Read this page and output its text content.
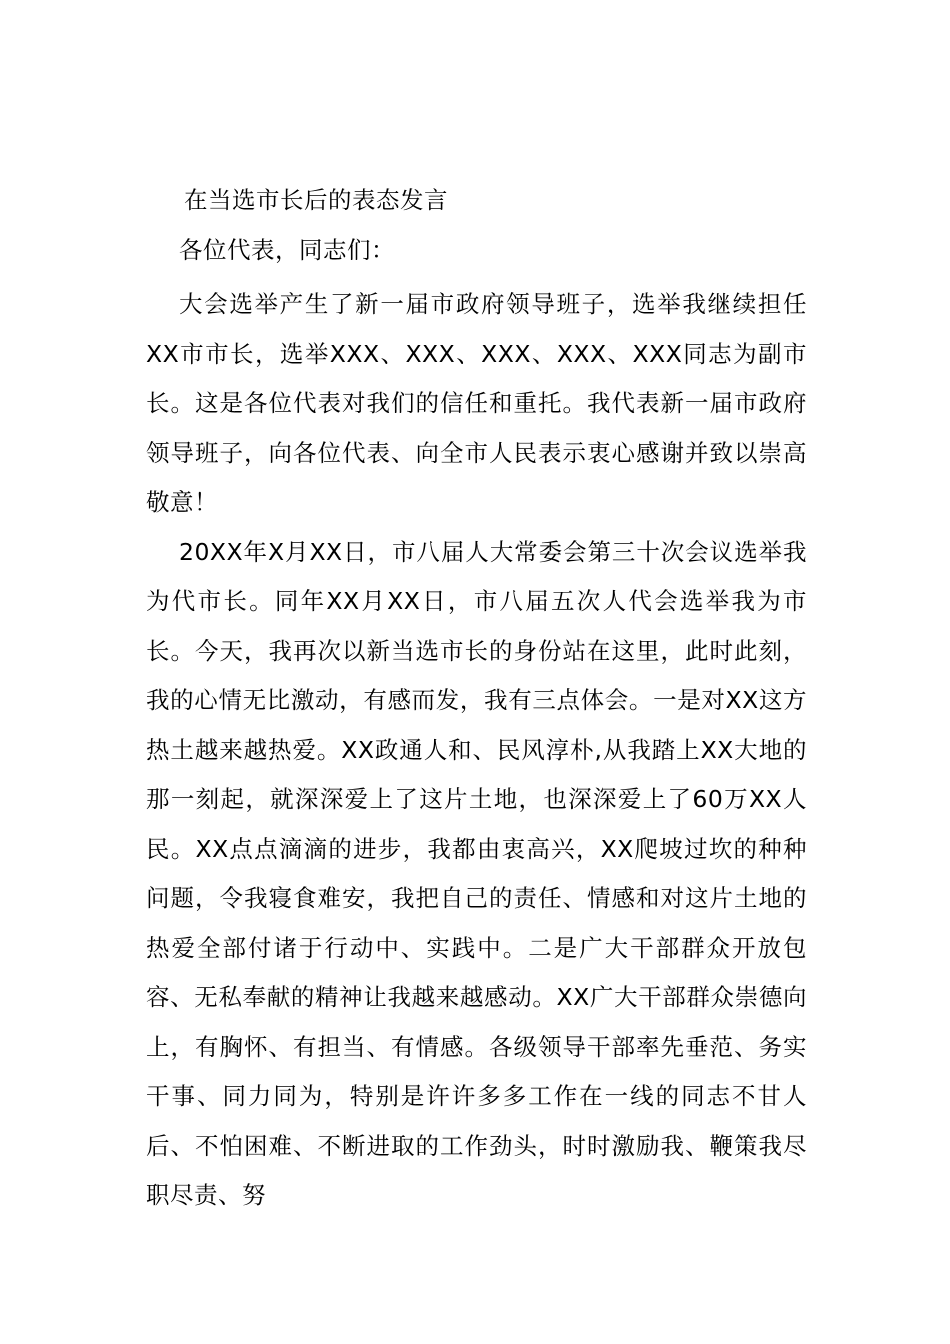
在当选市长后的表态发言

各位代表，同志们：

大会选举产生了新一届市政府领导班子，选举我继续担任XX市市长，选举XXX、XXX、XXX、XXX、XXX同志为副市长。这是各位代表对我们的信任和重托。我代表新一届市政府领导班子，向各位代表、向全市人民表示衷心感谢并致以崇高敬意！

20XX年X月XX日，市八届人大常委会第三十次会议选举我为代市长。同年XX月XX日，市八届五次人代会选举我为市长。今天，我再次以新当选市长的身份站在这里，此时此刻，我的心情无比激动，有感而发，我有三点体会。一是对XX这方热土越来越热爱。XX政通人和、民风淳朴,从我踏上XX大地的那一刻起，就深深爱上了这片土地，也深深爱上了60万XX人民。XX点点滴滴的进步，我都由衷高兴，XX爬坡过坎的种种问题，令我寝食难安，我把自己的责任、情感和对这片土地的热爱全部付诸于行动中、实践中。二是广大干部群众开放包容、无私奉献的精神让我越来越感动。XX广大干部群众崇德向上，有胸怀、有担当、有情感。各级领导干部率先垂范、务实干事、同力同为，特别是许许多多工作在一线的同志不甘人后、不怕困难、不断进取的工作劲头，时时激励我、鞭策我尽职尽责、努
